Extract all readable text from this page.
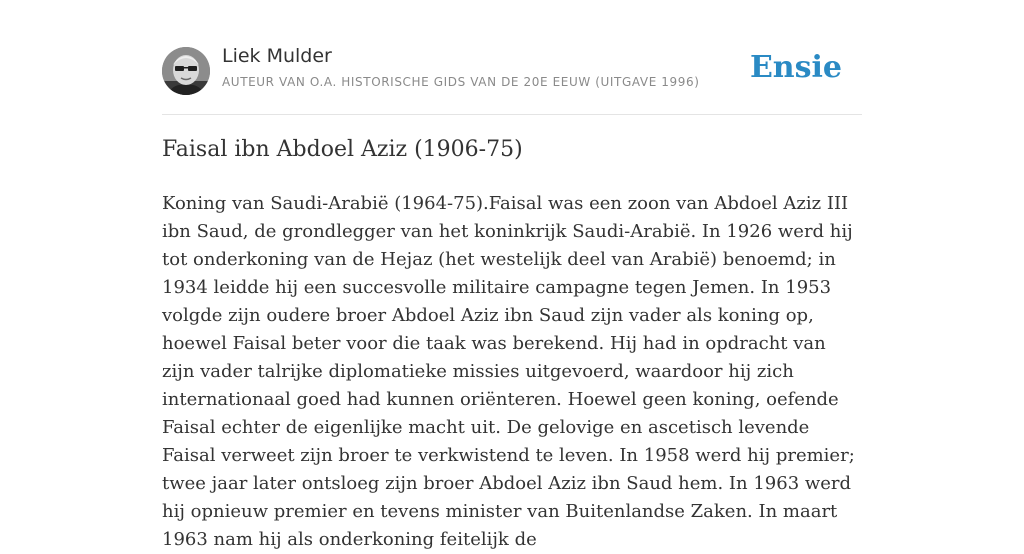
Liek Mulder
AUTEUR VAN O.A. HISTORISCHE GIDS VAN DE 20E EEUW (UITGAVE 1996) Ensie
Faisal ibn Abdoel Aziz (1906-75)

Koning van Saudi-Arabië (1964-75).Faisal was een zoon van Abdoel Aziz III ibn Saud, de grondlegger van het koninkrijk Saudi-Arabië. In 1926 werd hij tot onderkoning van de Hejaz (het westelijk deel van Arabië) benoemd; in 1934 leidde hij een succesvolle militaire campagne tegen Jemen. In 1953 volgde zijn oudere broer Abdoel Aziz ibn Saud zijn vader als koning op, hoewel Faisal beter voor die taak was berekend. Hij had in opdracht van zijn vader talrijke diplomatieke missies uitgevoerd, waardoor hij zich internationaal goed had kunnen oriënteren. Hoewel geen koning, oefende Faisal echter de eigenlijke macht uit. De gelovige en ascetisch levende Faisal verweet zijn broer te verkwistend te leven. In 1958 werd hij premier; twee jaar later ontsloeg zijn broer Abdoel Aziz ibn Saud hem. In 1963 werd hij opnieuw premier en tevens minister van Buitenlandse Zaken. In maart 1963 nam hij als onderkoning feitelijk de
